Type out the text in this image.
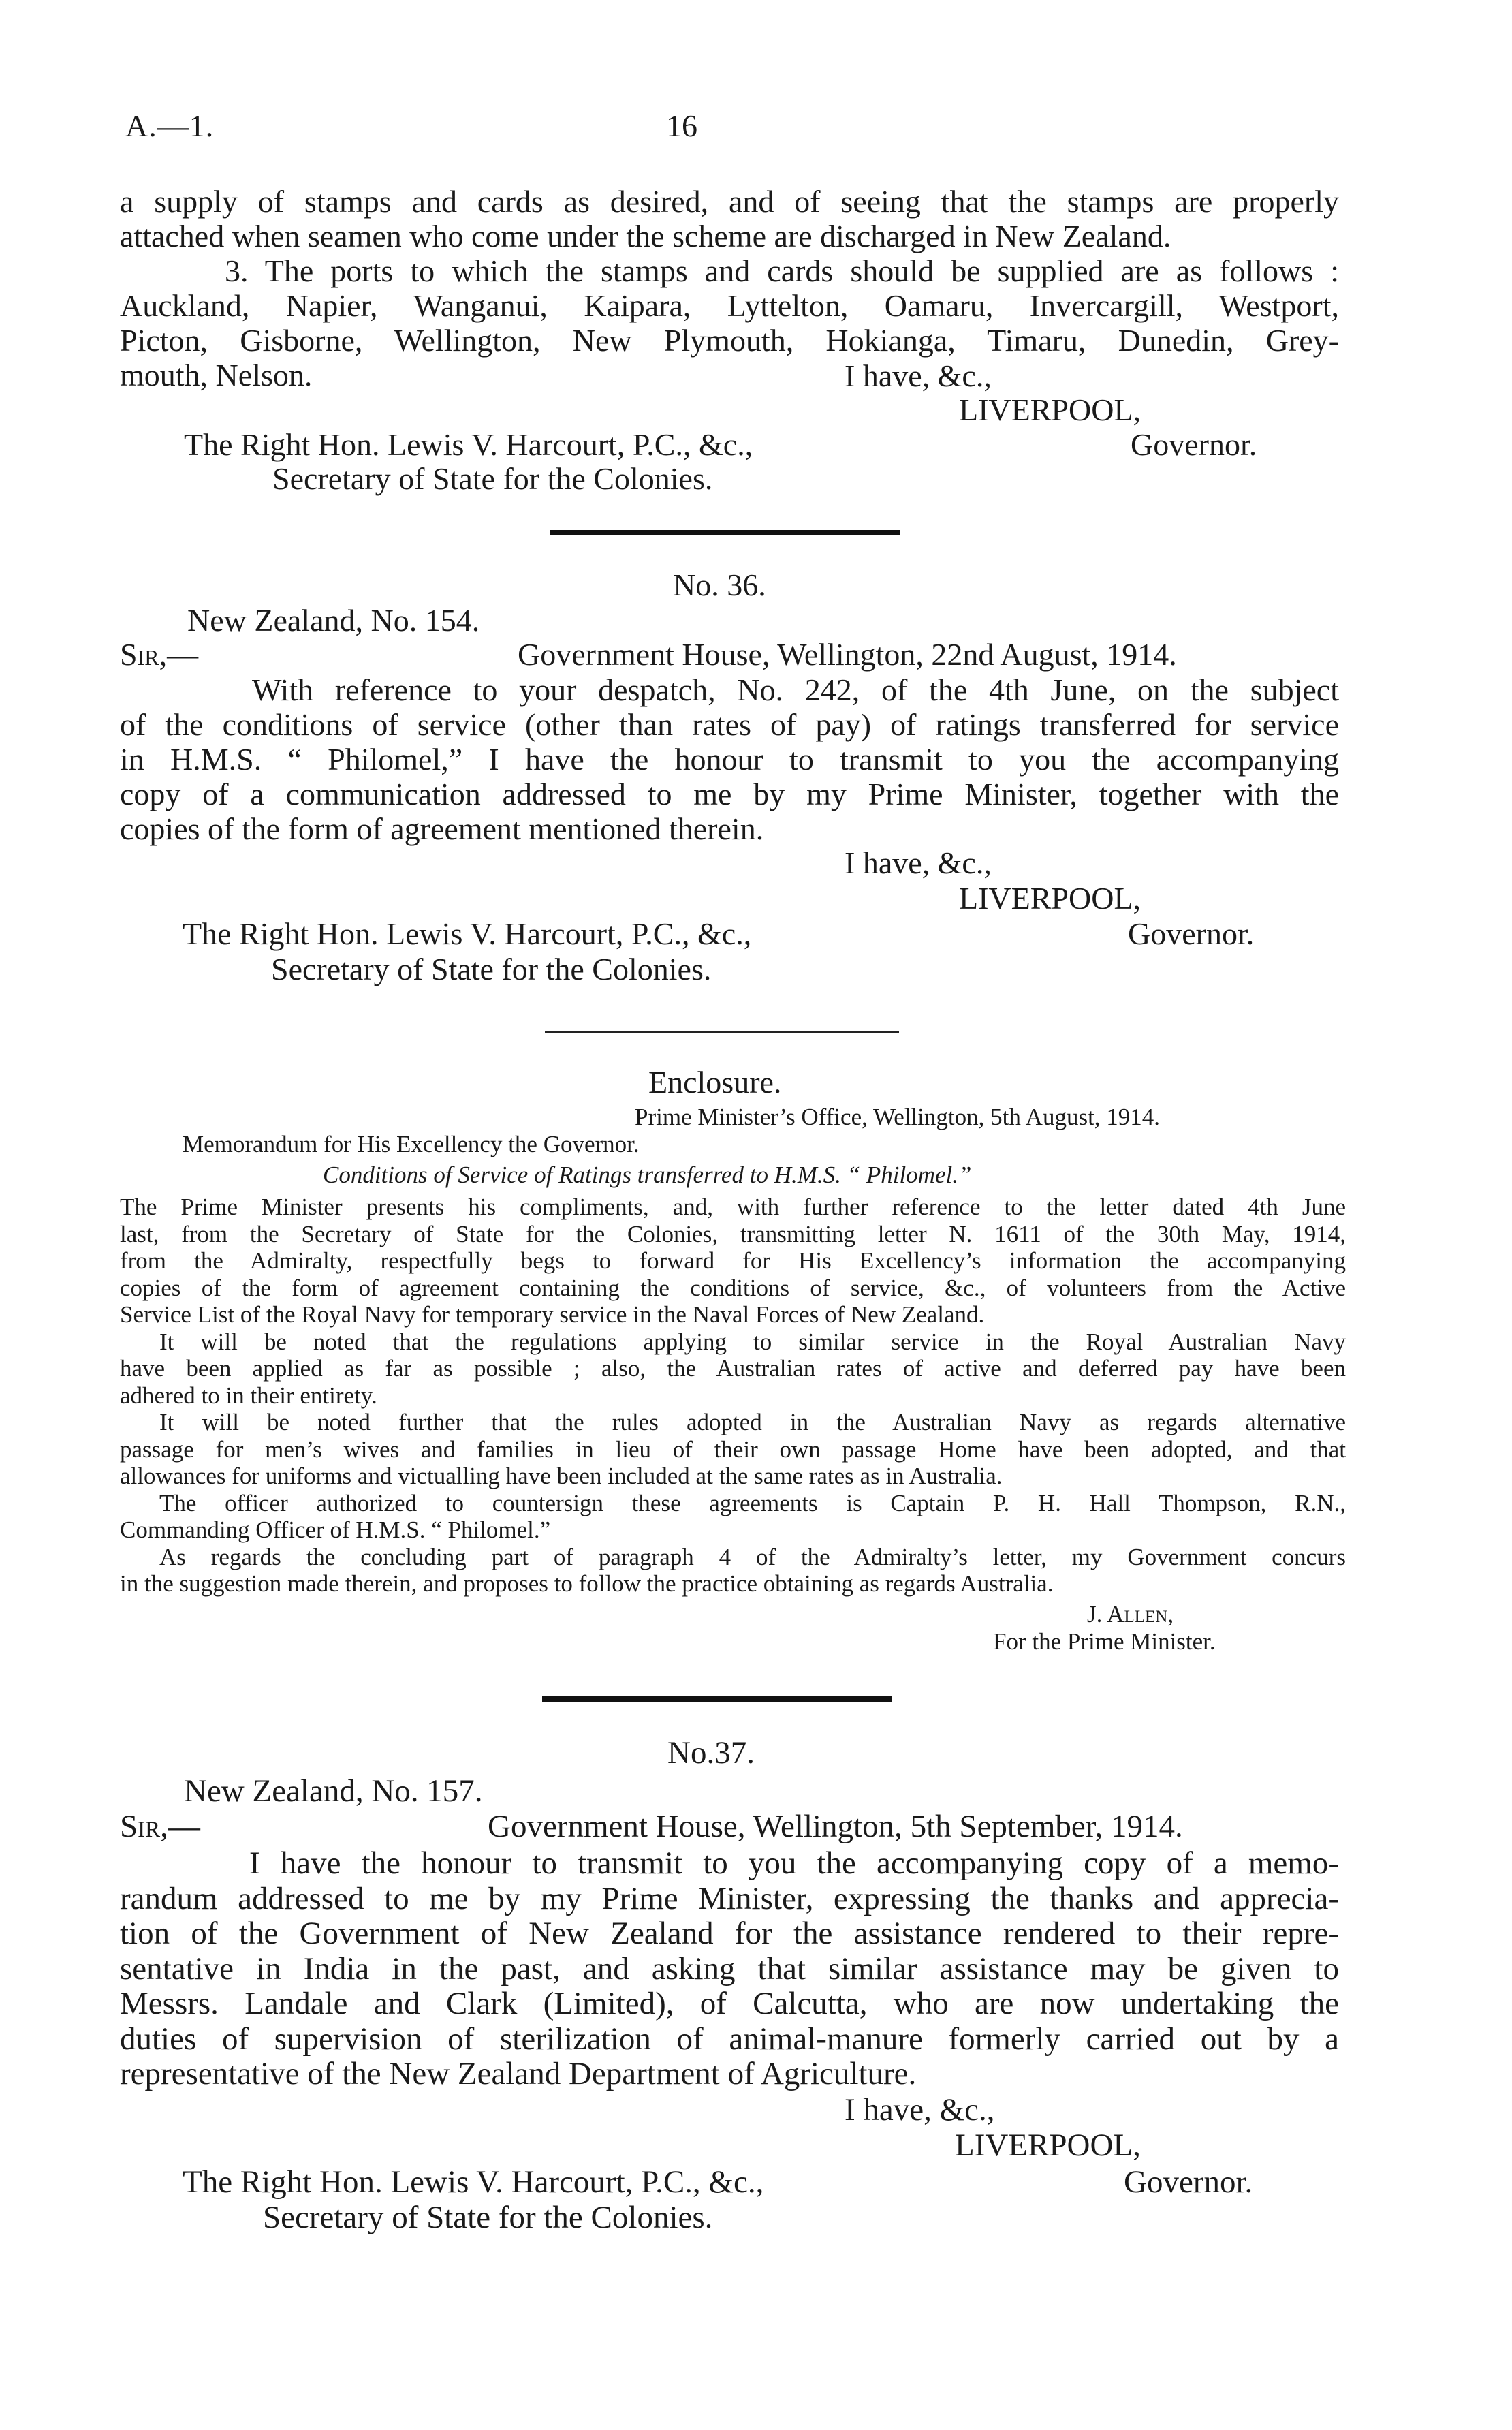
A.—1.	16
a supply of stamps and cards as desired, and of seeing that the stamps are properly
attached when seamen who come under the scheme are discharged in New Zealand.
3. The ports to which the stamps and cards should be supplied are as follows :
Auckland, Napier, Wanganui, Kaipara, Lyttelton, Oamaru, Invercargill, Westport,
Picton, Gisborne, Wellington, New Plymouth, Hokianga, Timaru, Dunedin, Grey-
mouth, Nelson.	I have, &c.,
LIVERPOOL,
The Right Hon. Lewis V. Harcourt, P.C., &c.,	Governor.
Secretary of State for the Colonies.
No. 36.
New Zealand, No. 154.
Sir,—	Government House, Wellington, 22nd August, 1914.
With reference to your despatch, No. 242, of the 4th June, on the subject
of the conditions of service (other than rates of pay) of ratings transferred for service
in H.M.S. “ Philomel,” I have the honour to transmit to you the accompanying
copy of a communication addressed to me by my Prime Minister, together with the
copies of the form of agreement mentioned therein.
I have, &c.,
LIVERPOOL,
The Right Hon. Lewis V. Harcourt, P.C., &c.,	Governor.
Secretary of State for the Colonies.
Enclosure.
Prime Minister’s Office, Wellington, 5th August, 1914.
Memorandum for His Excellency the Governor.
Conditions of Service of Ratings transferred to H.M.S. “ Philomel.”
The Prime Minister presents his compliments, and, with further reference to the letter dated 4th June
last, from the Secretary of State for the Colonies, transmitting letter N. 1611 of the 30th May, 1914,
from the Admiralty, respectfully begs to forward for His Excellency’s information the accompanying
copies of the form of agreement containing the conditions of service, &c., of volunteers from the Active
Service List of the Royal Navy for temporary service in the Naval Forces of New Zealand.
It will be noted that the regulations applying to similar service in the Royal Australian Navy
have been applied as far as possible ; also, the Australian rates of active and deferred pay have been
adhered to in their entirety.
It will be noted further that the rules adopted in the Australian Navy as regards alternative
passage for men’s wives and families in lieu of their own passage Home have been adopted, and that
allowances for uniforms and victualling have been included at the same rates as in Australia.
The officer authorized to countersign these agreements is Captain P. H. Hall Thompson, R.N.,
Commanding Officer of H.M.S. “ Philomel.”
As regards the concluding part of paragraph 4 of the Admiralty’s letter, my Government concurs
in the suggestion made therein, and proposes to follow the practice obtaining as regards Australia.
J. Allen,
For the Prime Minister.
No.37.
New Zealand, No. 157.
Sir,—	Government House, Wellington, 5th September, 1914.
I have the honour to transmit to you the accompanying copy of a memo-
randum addressed to me by my Prime Minister, expressing the thanks and apprecia-
tion of the Government of New Zealand for the assistance rendered to their repre-
sentative in India in the past, and asking that similar assistance may be given to
Messrs. Landale and Clark (Limited), of Calcutta, who are now undertaking the
duties of supervision of sterilization of animal-manure formerly carried out by a
representative of the New Zealand Department of Agriculture.
I have, &c.,
LIVERPOOL,
The Right Hon. Lewis V. Harcourt, P.C., &c.,	Governor.
Secretary of State for the Colonies.
